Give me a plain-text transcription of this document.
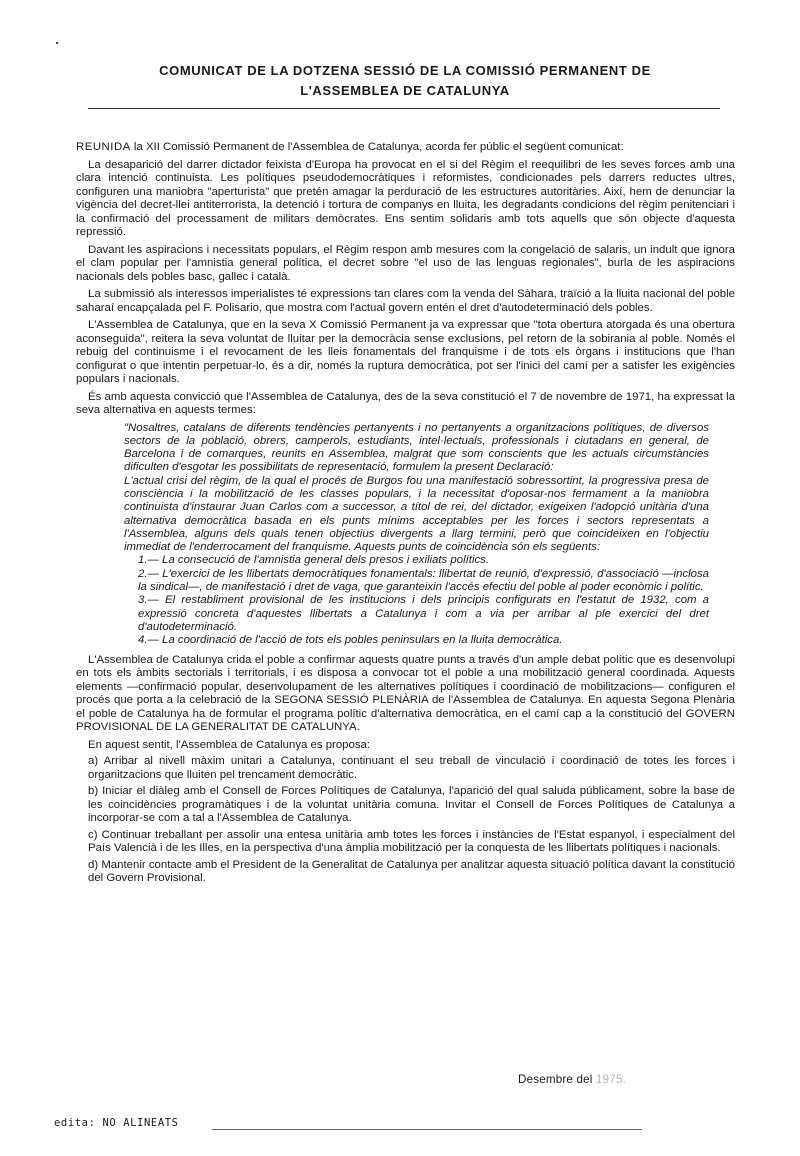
COMUNICAT DE LA DOTZENA SESSIÓ DE LA COMISSIÓ PERMANENT DE
L'ASSEMBLEA DE CATALUNYA

REUNIDA la XII Comissió Permanent de l'Assemblea de Catalunya, acorda fer públic el següent comunicat:

La desaparició del darrer dictador feixista d'Europa ha provocat en el si del Règim el reequilibri de les seves forces amb una clara intenció continuista. Les polítiques pseudodemocràtiques i reformistes, condicionades pels darrers reductes ultres, configuren una maniobra "aperturista" que pretén amagar la perduració de les estructures autoritàries. Així, hem de denunciar la vigència del decret-llei antiterrorista, la detenció i tortura de companys en lluita, les degradants condicions del règim penitenciari i la confirmació del processament de militars demòcrates. Ens sentim solidaris amb tots aquells que són objecte d'aquesta repressió.

Davant les aspiracions i necessitats populars, el Règim respon amb mesures com la congelació de salaris, un indult que ignora el clam popular per l'amnistia general política, el decret sobre "el uso de las lenguas regionales", burla de les aspiracions nacionals dels pobles basc, gallec i català.

La submissió als interessos imperialistes té expressions tan clares com la venda del Sàhara, traïció a la lluita nacional del poble saharaí encapçalada pel F. Polisario, que mostra com l'actual govern entén el dret d'autodeterminació dels pobles.

L'Assemblea de Catalunya, que en la seva X Comissió Permanent ja va expressar que "tota obertura atorgada és una obertura aconseguida", reitera la seva voluntat de lluitar per la democràcia sense exclusions, pel retorn de la sobirania al poble. Només el rebuig del continuisme i el revocament de les lleis fonamentals del franquisme i de tots els òrgans i institucions que l'han configurat o que intentin perpetuar-lo, és a dir, només la ruptura democràtica, pot ser l'inici del camí per a satisfer les exigències populars i nacionals.

És amb aquesta convicció que l'Assemblea de Catalunya, des de la seva constitució el 7 de novembre de 1971, ha expressat la seva alternativa en aquests termes:

"Nosaltres, catalans de diferents tendències pertanyents i no pertanyents a organitzacions polítiques, de diversos sectors de la població, obrers, camperols, estudiants, intel·lectuals, professionals i ciutadans en general, de Barcelona i de comarques, reunits en Assemblea, malgrat que som conscients que les actuals circumstàncies dificulten d'esgotar les possibilitats de representació, formulem la present Declaració:

L'actual crisi del règim, de la qual el procés de Burgos fou una manifestació sobressortint, la progressiva presa de consciència i la mobilització de les classes populars, i la necessitat d'oposar-nos fermament a la maniobra continuista d'instaurar Juan Carlos com a successor, a títol de rei, del dictador, exigeixen l'adopció unitària d'una alternativa democràtica basada en els punts mínims acceptables per les forces i sectors representats a l'Assemblea, alguns dels quals tenen objectius divergents a llarg termini, però que coincideixen en l'objectiu immediat de l'enderrocament del franquisme. Aquests punts de coincidència són els següents:

1.— La consecució de l'amnistia general dels presos i exiliats polítics.

2.— L'exercici de les llibertats democràtiques fonamentals: llibertat de reunió, d'expressió, d'associació —inclosa la sindical—, de manifestació i dret de vaga, que garanteixin l'accés efectiu del poble al poder econòmic i polític.

3.— El restabliment provisional de les institucions i dels principis configurats en l'estatut de 1932, com a expressió concreta d'aquestes llibertats a Catalunya i com a via per arribar al ple exercici del dret d'autodeterminació.

4.— La coordinació de l'acció de tots els pobles peninsulars en la lluita democràtica.

L'Assemblea de Catalunya crida el poble a confirmar aquests quatre punts a través d'un ample debat polític que es desenvolupi en tots els àmbits sectorials i territorials, i es disposa a convocar tot el poble a una mobilització general coordinada. Aquests elements —confirmació popular, desenvolupament de les alternatives polítiques i coordinació de mobilitzacions— configuren el procés que porta a la celebració de la SEGONA SESSIÓ PLENÀRIA de l'Assemblea de Catalunya. En aquesta Segona Plenària el poble de Catalunya ha de formular el programa polític d'alternativa democràtica, en el camí cap a la constitució del GOVERN PROVISIONAL DE LA GENERALITAT DE CATALUNYA.

En aquest sentit, l'Assemblea de Catalunya es proposa:

a) Arribar al nivell màxim unitari a Catalunya, continuant el seu treball de vinculació i coordinació de totes les forces i organitzacions que lluiten pel trencament democràtic.

b) Iniciar el diàleg amb el Consell de Forces Polítiques de Catalunya, l'aparició del qual saluda públicament, sobre la base de les coincidències programàtiques i de la voluntat unitària comuna. Invitar el Consell de Forces Polítiques de Catalunya a incorporar-se com a tal a l'Assemblea de Catalunya.

c) Continuar treballant per assolir una entesa unitària amb totes les forces i instàncies de l'Estat espanyol, i especialment del País Valencià i de les Illes, en la perspectiva d'una àmplia mobilització per la conquesta de les llibertats polítiques i nacionals.

d) Mantenir contacte amb el President de la Generalitat de Catalunya per analitzar aquesta situació política davant la constitució del Govern Provisional.

Desembre del 1975.
edita: NO ALINEATS
